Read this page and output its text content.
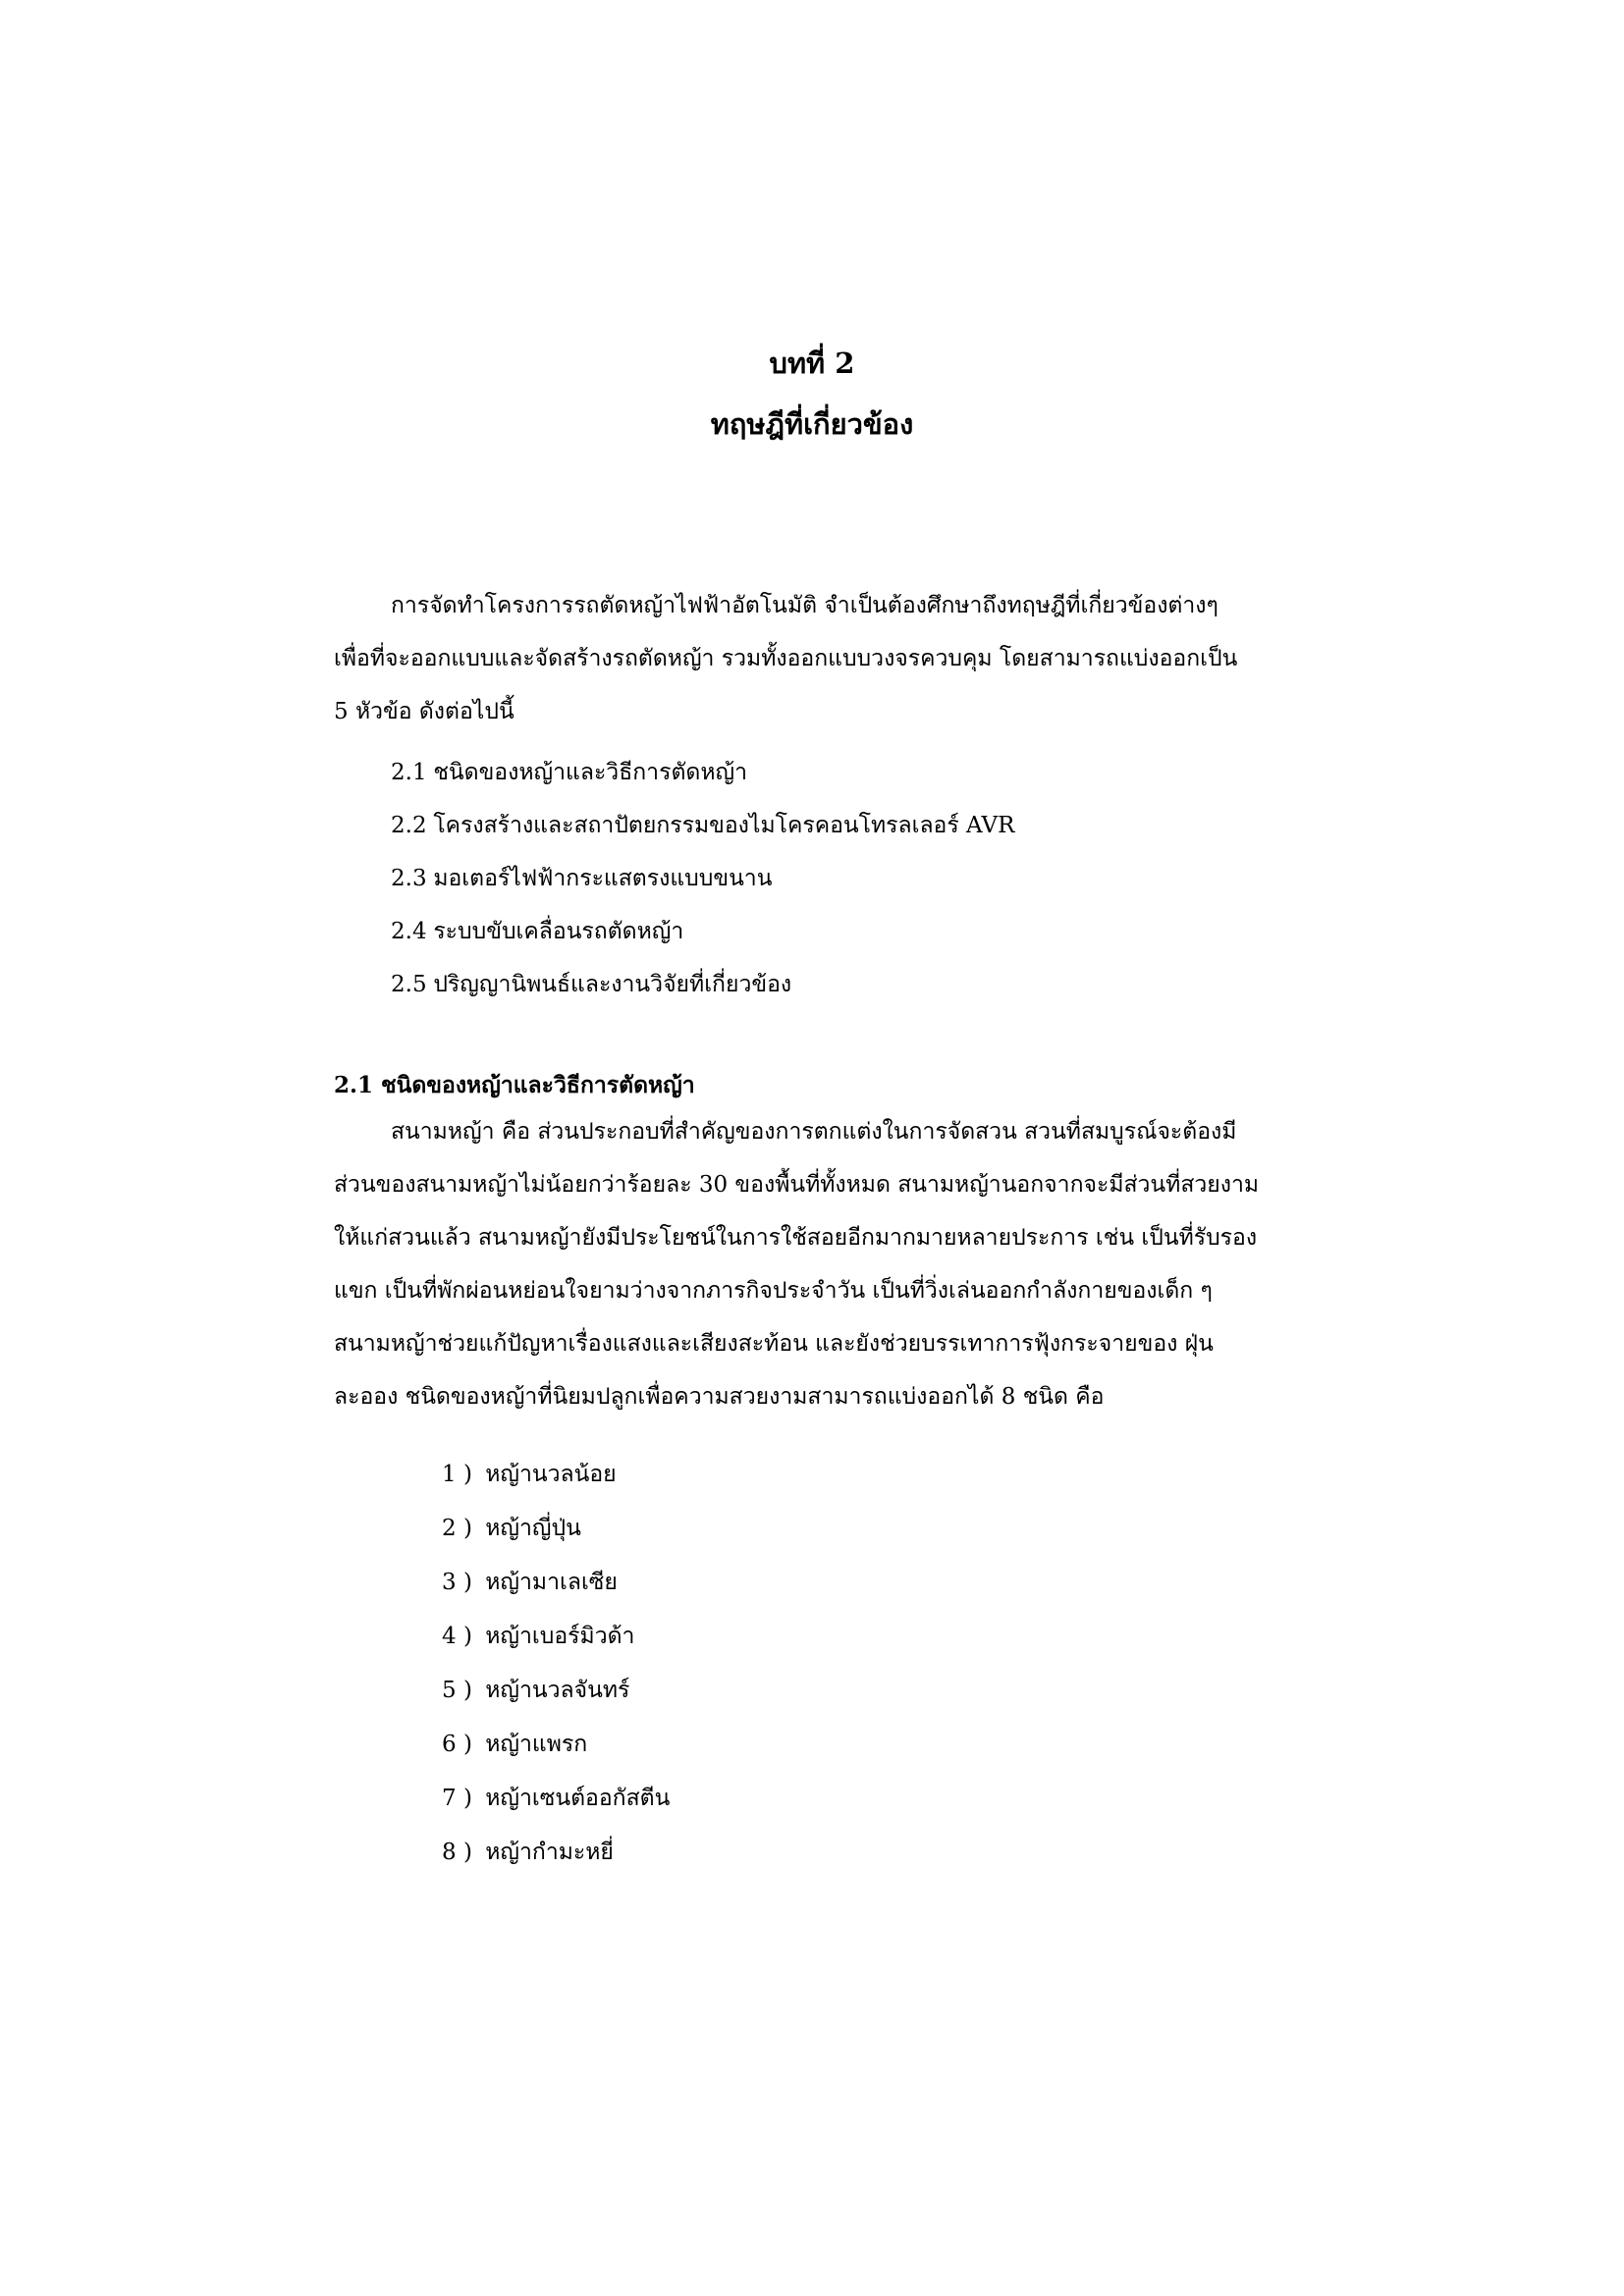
บทที่ 2
ทฤษฎีที่เกี่ยวข้อง

การจัดทำโครงการรถตัดหญ้าไฟฟ้าอัตโนมัติ จำเป็นต้องศึกษาถึงทฤษฎีที่เกี่ยวข้องต่างๆ
เพื่อที่จะออกแบบและจัดสร้างรถตัดหญ้า รวมทั้งออกแบบวงจรควบคุม โดยสามารถแบ่งออกเป็น
5 หัวข้อ ดังต่อไปนี้

2.1 ชนิดของหญ้าและวิธีการตัดหญ้า
2.2 โครงสร้างและสถาปัตยกรรมของไมโครคอนโทรลเลอร์ AVR
2.3 มอเตอร์ไฟฟ้ากระแสตรงแบบขนาน
2.4 ระบบขับเคลื่อนรถตัดหญ้า
2.5 ปริญญานิพนธ์และงานวิจัยที่เกี่ยวข้อง
2.1 ชนิดของหญ้าและวิธีการตัดหญ้า

สนามหญ้า คือ ส่วนประกอบที่สำคัญของการตกแต่งในการจัดสวน สวนที่สมบูรณ์จะต้องมี
ส่วนของสนามหญ้าไม่น้อยกว่าร้อยละ 30 ของพื้นที่ทั้งหมด สนามหญ้านอกจากจะมีส่วนที่สวยงาม
ให้แก่สวนแล้ว สนามหญ้ายังมีประโยชน์ในการใช้สอยอีกมากมายหลายประการ เช่น เป็นที่รับรอง
แขก เป็นที่พักผ่อนหย่อนใจยามว่างจากภารกิจประจำวัน เป็นที่วิ่งเล่นออกกำลังกายของเด็ก ๆ
สนามหญ้าช่วยแก้ปัญหาเรื่องแสงและเสียงสะท้อน และยังช่วยบรรเทาการฟุ้งกระจายของ ฝุ่น
ละออง ชนิดของหญ้าที่นิยมปลูกเพื่อความสวยงามสามารถแบ่งออกได้ 8 ชนิด คือ

1 ) หญ้านวลน้อย
2 ) หญ้าญี่ปุ่น
3 ) หญ้ามาเลเซีย
4 ) หญ้าเบอร์มิวด้า
5 ) หญ้านวลจันทร์
6 ) หญ้าแพรก
7 ) หญ้าเซนต์ออกัสตีน
8 ) หญ้ากำมะหยี่
